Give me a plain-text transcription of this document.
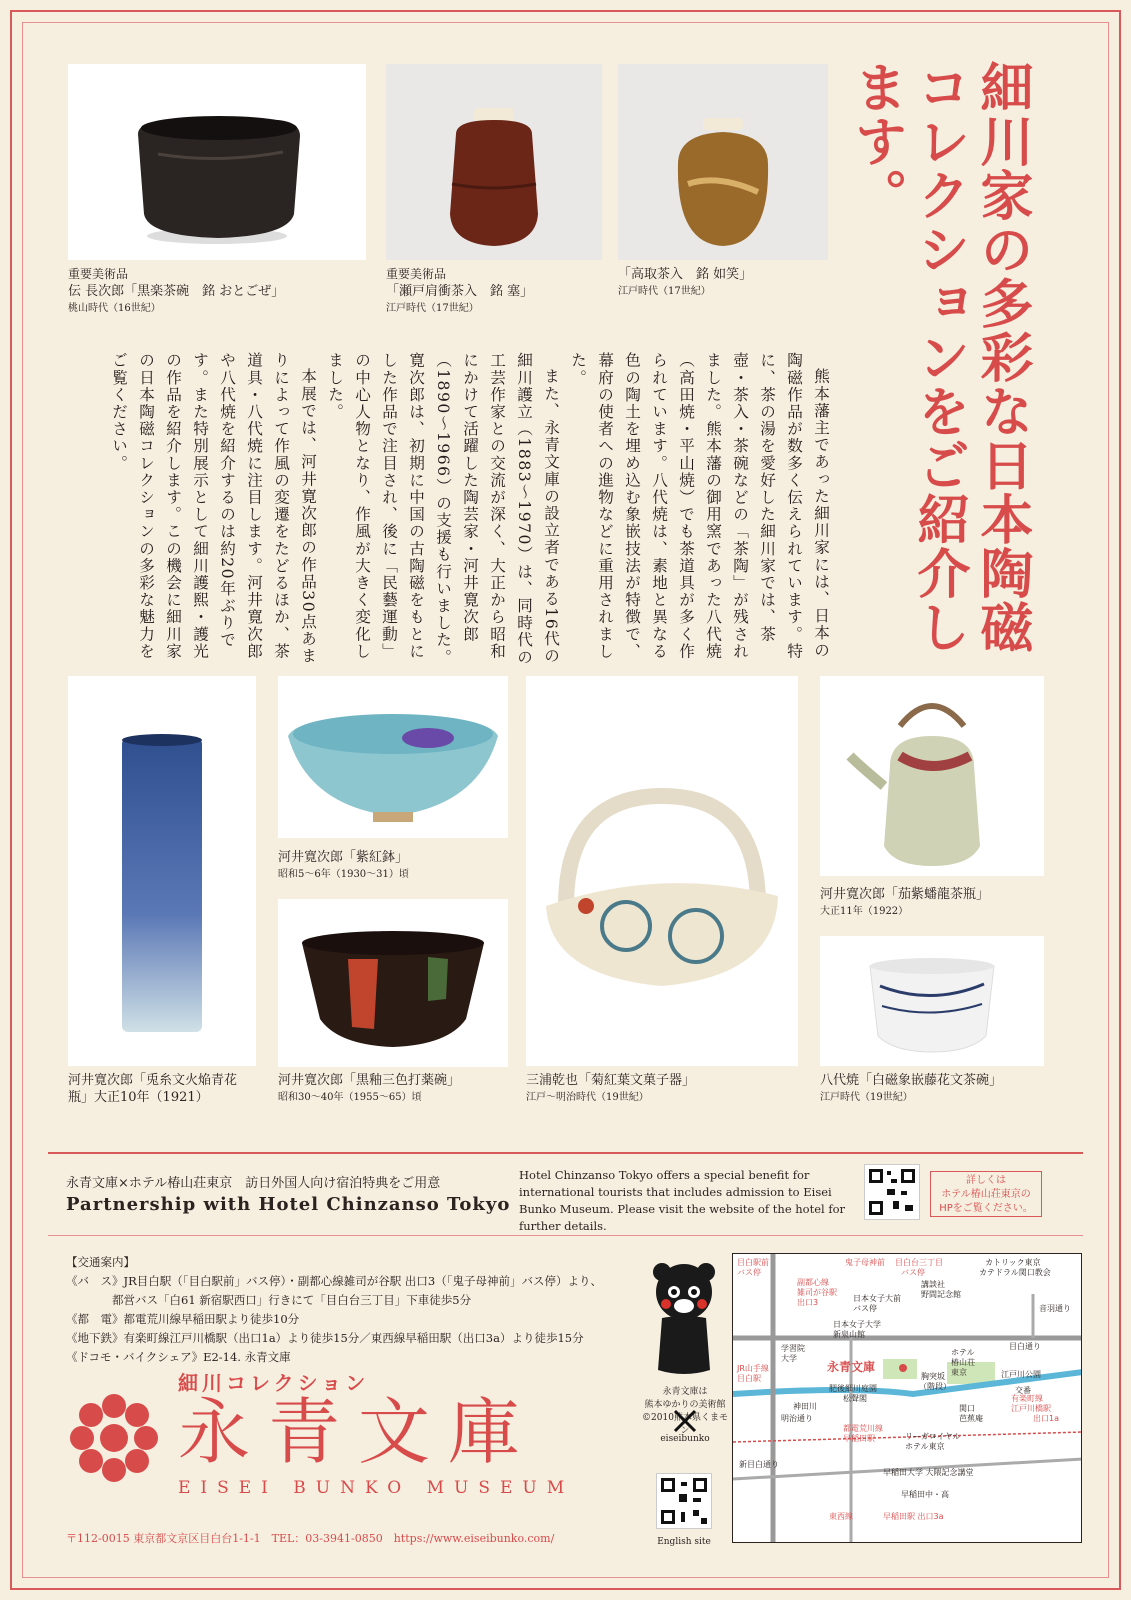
重要美術品
伝 長次郎「黒楽茶碗　銘 おとごぜ」
桃山時代（16世紀）
重要美術品
「瀬戸肩衝茶入　銘 塞」
江戸時代（17世紀）
「高取茶入　銘 如笑」
江戸時代（17世紀）	細川家の多彩な日本陶磁コレクションをご紹介します。

熊本藩主であった細川家には、日本の陶磁作品が数多く伝えられています。特に、茶の湯を愛好した細川家では、茶壺・茶入・茶碗などの「茶陶」が残されました。熊本藩の御用窯であった八代焼（高田焼・平山焼）でも茶道具が多く作られています。八代焼は、素地と異なる色の陶土を埋め込む象嵌技法が特徴で、幕府の使者への進物などに重用されました。

また、永青文庫の設立者である16代の細川護立（1883〜1970）は、同時代の工芸作家との交流が深く、大正から昭和にかけて活躍した陶芸家・河井寛次郎（1890〜1966）の支援も行いました。寛次郎は、初期に中国の古陶磁をもとにした作品で注目され、後に「民藝運動」の中心人物となり、作風が大きく変化しました。

本展では、河井寛次郎の作品30点あまりによって作風の変遷をたどるほか、茶道具・八代焼に注目します。河井寛次郎や八代焼を紹介するのは約20年ぶりです。また特別展示として細川護熙・護光の作品を紹介します。この機会に細川家の日本陶磁コレクションの多彩な魅力をご覧ください。

河井寛次郎「兎糸文火焔青花
瓶」大正10年（1921）
河井寛次郎「紫紅鉢」
昭和5～6年（1930～31）頃
河井寛次郎「黒釉三色打薬碗」
昭和30～40年（1955～65）頃
三浦乾也「菊紅葉文菓子器」
江戸～明治時代（19世紀）
河井寛次郎「茄紫蟠龍茶瓶」
大正11年（1922）
八代焼「白磁象嵌藤花文茶碗」
江戸時代（19世紀）
永青文庫×ホテル椿山荘東京　訪日外国人向け宿泊特典をご用意
Partnership with Hotel Chinzanso Tokyo
Hotel Chinzanso Tokyo offers a special benefit for international tourists that includes admission to Eisei Bunko Museum. Please visit the website of the hotel for further details.
詳しくは
ホテル椿山荘東京の
HPをご覧ください。
【交通案内】
《バ　ス》JR目白駅（「目白駅前」バス停）・副都心線雑司が谷駅 出口3（「鬼子母神前」バス停）より、
　　　　都営バス「白61 新宿駅西口」行きにて「目白台三丁目」下車徒歩5分
《都　電》都電荒川線早稲田駅より徒歩10分
《地下鉄》有楽町線江戸川橋駅（出口1a）より徒歩15分／東西線早稲田駅（出口3a）より徒歩15分
《ドコモ・バイクシェア》E2-14. 永青文庫
細川コレクション
永青文庫
EISEI BUNKO MUSEUM
〒112-0015 東京都文京区目白台1-1-1　TEL：03-3941-0850　https://www.eiseibunko.com/
永青文庫は
熊本ゆかりの美術館
©2010熊本県くまモン
eiseibunko
English site
鬼子母神前 目白台三丁目
バス停
カトリック東京
カテドラル関口教会
講談社
野間記念館
目白駅前
バス停
副都心線
雑司が谷駅
出口3	日本女子大前
バス停	音羽通り
目白通り
学習院
大学
日本女子大学
新泉山館
JR山手線
目白駅
永青文庫
ホテル
椿山荘
東京	江戸川公園
交番
肥後細川庭園
松聲閣
胸突坂
（階段）
明治通り
神田川	関口
芭蕉庵
都電荒川線
早稲田駅	リーガロイヤル
ホテル東京
有楽町線
江戸川橋駅
出口1a
新目白通り
早稲田大学 大隈記念講堂
早稲田中・高
東西線	早稲田駅 出口3a
